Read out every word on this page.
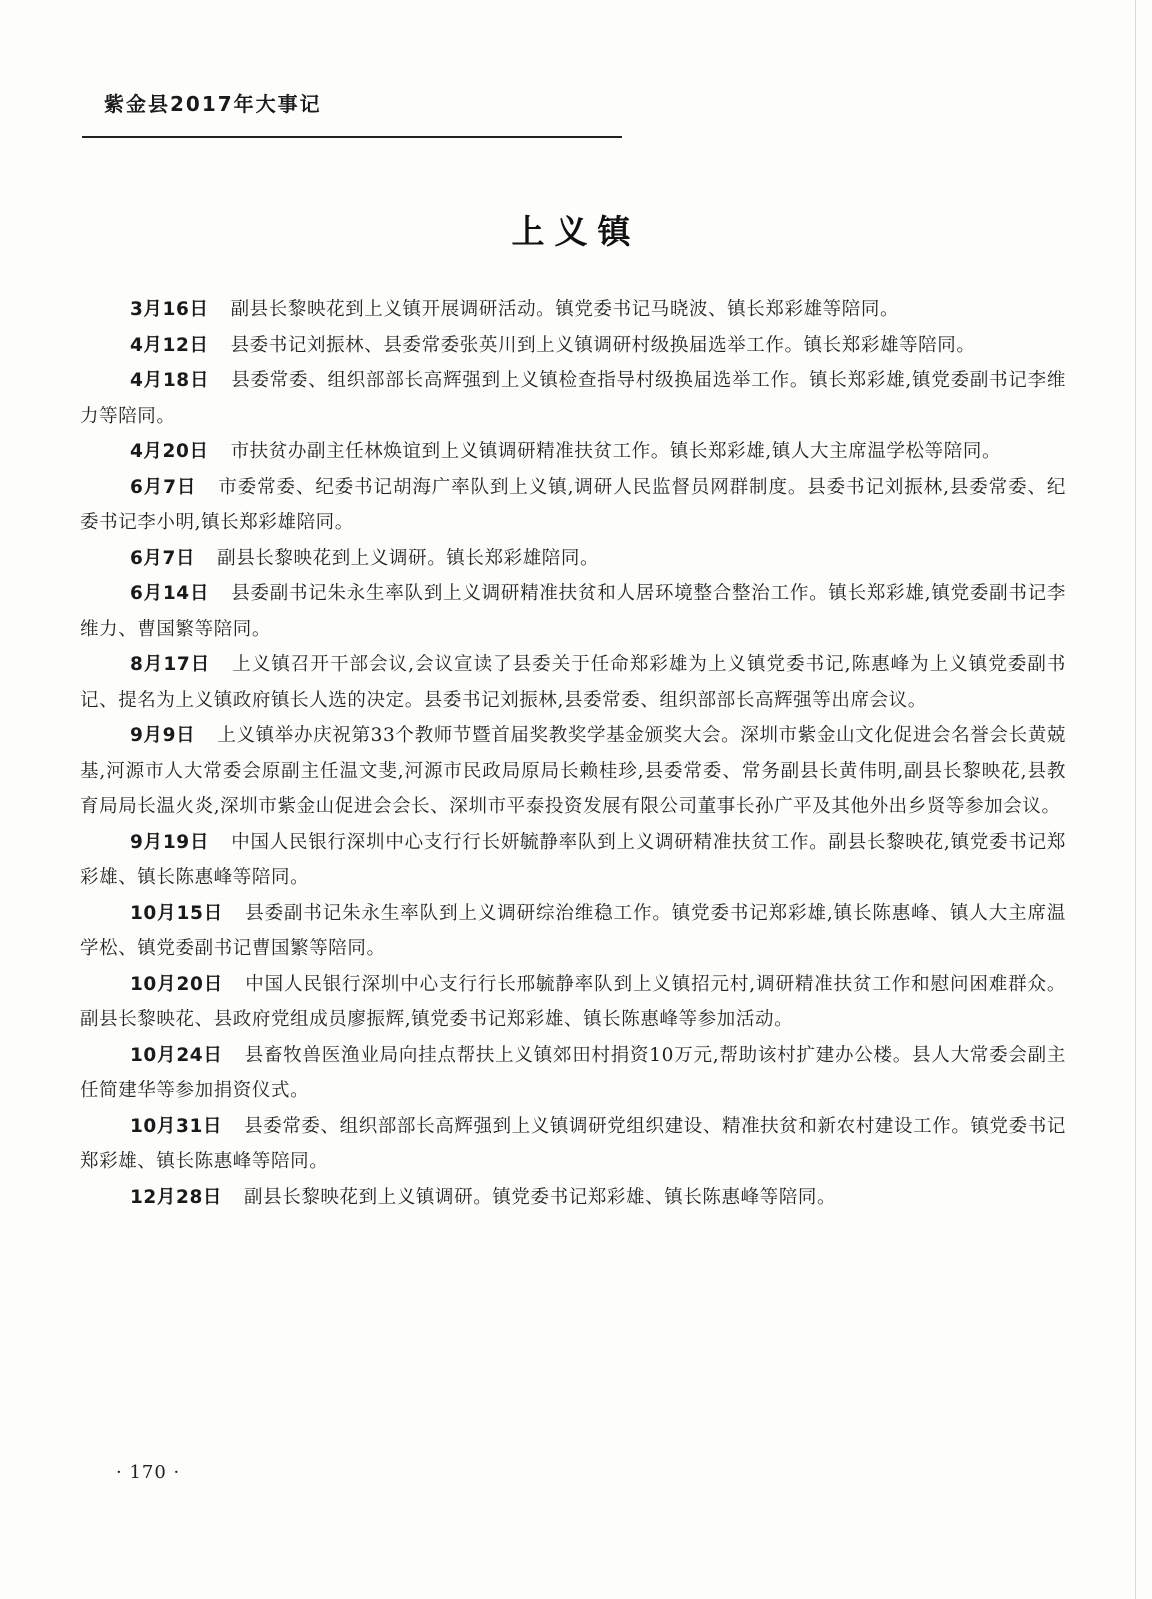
紫金县2017年大事记
上义镇

3月16日 副县长黎映花到上义镇开展调研活动。镇党委书记马晓波、镇长郑彩雄等陪同。

4月12日 县委书记刘振林、县委常委张英川到上义镇调研村级换届选举工作。镇长郑彩雄等陪同。

4月18日 县委常委、组织部部长高辉强到上义镇检查指导村级换届选举工作。镇长郑彩雄,镇党委副书记李维力等陪同。

4月20日 市扶贫办副主任林焕谊到上义镇调研精准扶贫工作。镇长郑彩雄,镇人大主席温学松等陪同。

6月7日 市委常委、纪委书记胡海广率队到上义镇,调研人民监督员网群制度。县委书记刘振林,县委常委、纪委书记李小明,镇长郑彩雄陪同。

6月7日 副县长黎映花到上义调研。镇长郑彩雄陪同。

6月14日 县委副书记朱永生率队到上义调研精准扶贫和人居环境整合整治工作。镇长郑彩雄,镇党委副书记李维力、曹国繁等陪同。

8月17日 上义镇召开干部会议,会议宣读了县委关于任命郑彩雄为上义镇党委书记,陈惠峰为上义镇党委副书记、提名为上义镇政府镇长人选的决定。县委书记刘振林,县委常委、组织部部长高辉强等出席会议。

9月9日 上义镇举办庆祝第33个教师节暨首届奖教奖学基金颁奖大会。深圳市紫金山文化促进会名誉会长黄兢基,河源市人大常委会原副主任温文斐,河源市民政局原局长赖桂珍,县委常委、常务副县长黄伟明,副县长黎映花,县教育局局长温火炎,深圳市紫金山促进会会长、深圳市平泰投资发展有限公司董事长孙广平及其他外出乡贤等参加会议。

9月19日 中国人民银行深圳中心支行行长妍毓静率队到上义调研精准扶贫工作。副县长黎映花,镇党委书记郑彩雄、镇长陈惠峰等陪同。

10月15日 县委副书记朱永生率队到上义调研综治维稳工作。镇党委书记郑彩雄,镇长陈惠峰、镇人大主席温学松、镇党委副书记曹国繁等陪同。

10月20日 中国人民银行深圳中心支行行长邢毓静率队到上义镇招元村,调研精准扶贫工作和慰问困难群众。副县长黎映花、县政府党组成员廖振辉,镇党委书记郑彩雄、镇长陈惠峰等参加活动。

10月24日 县畜牧兽医渔业局向挂点帮扶上义镇郊田村捐资10万元,帮助该村扩建办公楼。县人大常委会副主任简建华等参加捐资仪式。

10月31日 县委常委、组织部部长高辉强到上义镇调研党组织建设、精准扶贫和新农村建设工作。镇党委书记郑彩雄、镇长陈惠峰等陪同。

12月28日 副县长黎映花到上义镇调研。镇党委书记郑彩雄、镇长陈惠峰等陪同。

· 170 ·
